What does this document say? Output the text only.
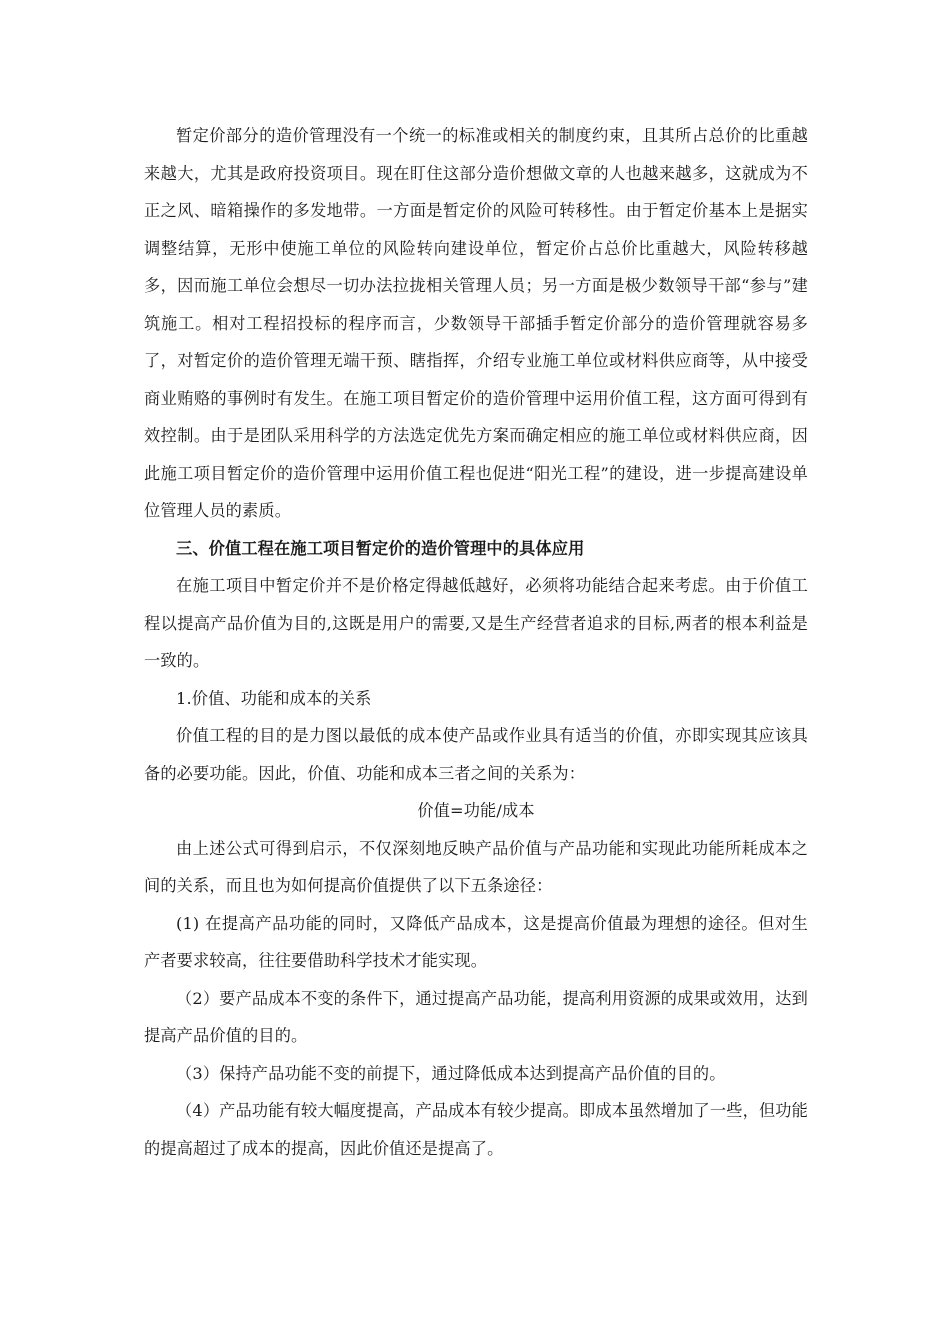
暂定价部分的造价管理没有一个统一的标准或相关的制度约束，且其所占总价的比重越来越大，尤其是政府投资项目。现在盯住这部分造价想做文章的人也越来越多，这就成为不正之风、暗箱操作的多发地带。一方面是暂定价的风险可转移性。由于暂定价基本上是据实调整结算，无形中使施工单位的风险转向建设单位，暂定价占总价比重越大，风险转移越多，因而施工单位会想尽一切办法拉拢相关管理人员；另一方面是极少数领导干部“参与”建筑施工。相对工程招投标的程序而言，少数领导干部插手暂定价部分的造价管理就容易多了，对暂定价的造价管理无端干预、瞎指挥，介绍专业施工单位或材料供应商等，从中接受商业贿赂的事例时有发生。在施工项目暂定价的造价管理中运用价值工程，这方面可得到有效控制。由于是团队采用科学的方法选定优先方案而确定相应的施工单位或材料供应商，因此施工项目暂定价的造价管理中运用价值工程也促进“阳光工程”的建设，进一步提高建设单位管理人员的素质。

三、价值工程在施工项目暂定价的造价管理中的具体应用

在施工项目中暂定价并不是价格定得越低越好，必须将功能结合起来考虑。由于价值工程以提高产品价值为目的,这既是用户的需要,又是生产经营者追求的目标,两者的根本利益是一致的。

1.价值、功能和成本的关系

价值工程的目的是力图以最低的成本使产品或作业具有适当的价值，亦即实现其应该具备的必要功能。因此，价值、功能和成本三者之间的关系为：

价值=功能/成本

由上述公式可得到启示，不仅深刻地反映产品价值与产品功能和实现此功能所耗成本之间的关系，而且也为如何提高价值提供了以下五条途径：

(1) 在提高产品功能的同时，又降低产品成本，这是提高价值最为理想的途径。但对生产者要求较高，往往要借助科学技术才能实现。

（2）要产品成本不变的条件下，通过提高产品功能，提高利用资源的成果或效用，达到提高产品价值的目的。

（3）保持产品功能不变的前提下，通过降低成本达到提高产品价值的目的。

（4）产品功能有较大幅度提高，产品成本有较少提高。即成本虽然增加了一些，但功能的提高超过了成本的提高，因此价值还是提高了。
